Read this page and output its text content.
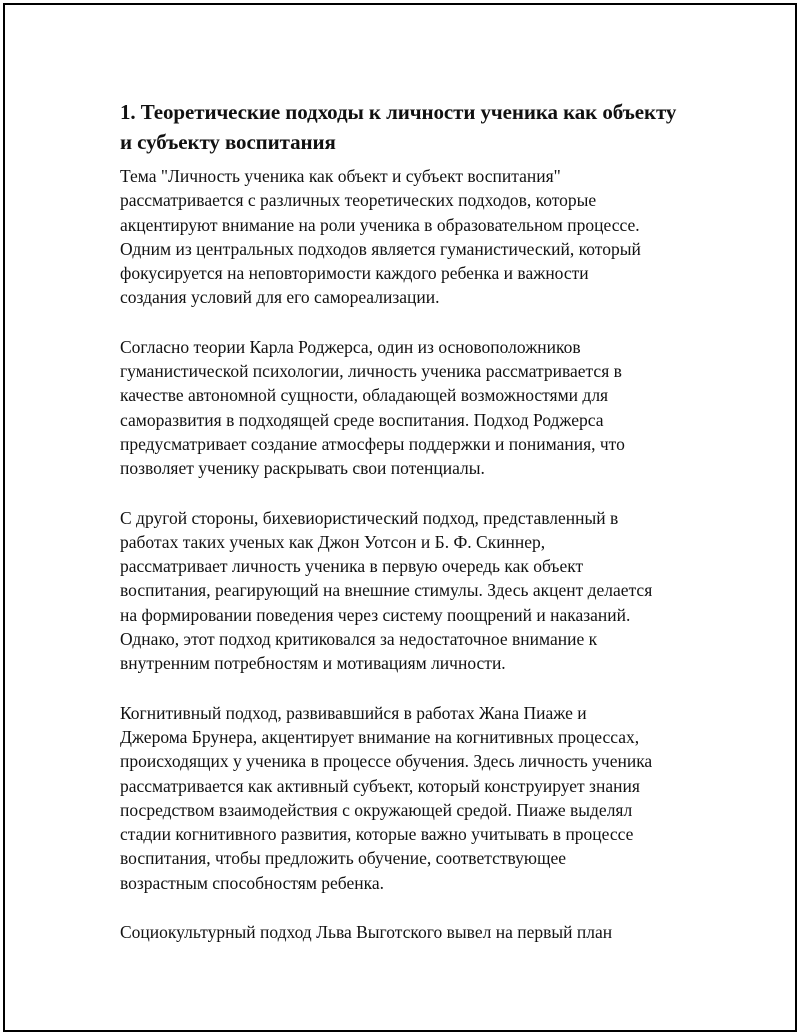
1. Теоретические подходы к личности ученика как объекту
и субъекту воспитания

Тема "Личность ученика как объект и субъект воспитания"
рассматривается с различных теоретических подходов, которые
акцентируют внимание на роли ученика в образовательном процессе.
Одним из центральных подходов является гуманистический, который
фокусируется на неповторимости каждого ребенка и важности
создания условий для его самореализации.

Согласно теории Карла Роджерса, один из основоположников
гуманистической психологии, личность ученика рассматривается в
качестве автономной сущности, обладающей возможностями для
саморазвития в подходящей среде воспитания. Подход Роджерса
предусматривает создание атмосферы поддержки и понимания, что
позволяет ученику раскрывать свои потенциалы.

С другой стороны, бихевиористический подход, представленный в
работах таких ученых как Джон Уотсон и Б. Ф. Скиннер,
рассматривает личность ученика в первую очередь как объект
воспитания, реагирующий на внешние стимулы. Здесь акцент делается
на формировании поведения через систему поощрений и наказаний.
Однако, этот подход критиковался за недостаточное внимание к
внутренним потребностям и мотивациям личности.

Когнитивный подход, развивавшийся в работах Жана Пиаже и
Джерома Брунера, акцентирует внимание на когнитивных процессах,
происходящих у ученика в процессе обучения. Здесь личность ученика
рассматривается как активный субъект, который конструирует знания
посредством взаимодействия с окружающей средой. Пиаже выделял
стадии когнитивного развития, которые важно учитывать в процессе
воспитания, чтобы предложить обучение, соответствующее
возрастным способностям ребенка.

Социокультурный подход Льва Выготского вывел на первый план
